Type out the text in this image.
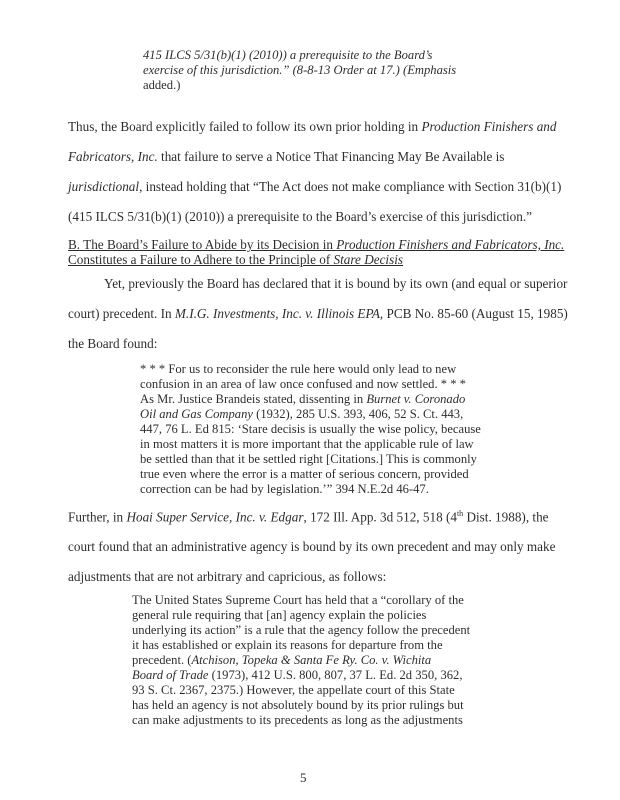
415 ILCS 5/31(b)(1) (2010)) a prerequisite to the Board’s
exercise of this jurisdiction.” (8-8-13 Order at 17.) (Emphasis
added.)
Thus, the Board explicitly failed to follow its own prior holding in Production Finishers and
Fabricators, Inc. that failure to serve a Notice That Financing May Be Available is
jurisdictional, instead holding that “The Act does not make compliance with Section 31(b)(1)
(415 ILCS 5/31(b)(1) (2010)) a prerequisite to the Board’s exercise of this jurisdiction.”
B. The Board’s Failure to Abide by its Decision in Production Finishers and Fabricators, Inc.
Constitutes a Failure to Adhere to the Principle of Stare Decisis
Yet, previously the Board has declared that it is bound by its own (and equal or superior
court) precedent. In M.I.G. Investments, Inc. v. Illinois EPA, PCB No. 85-60 (August 15, 1985)
the Board found:
* * * For us to reconsider the rule here would only lead to new
confusion in an area of law once confused and now settled. * * *
As Mr. Justice Brandeis stated, dissenting in Burnet v. Coronado
Oil and Gas Company (1932), 285 U.S. 393, 406, 52 S. Ct. 443,
447, 76 L. Ed 815: ‘Stare decisis is usually the wise policy, because
in most matters it is more important that the applicable rule of law
be settled than that it be settled right [Citations.] This is commonly
true even where the error is a matter of serious concern, provided
correction can be had by legislation.’” 394 N.E.2d 46-47.
Further, in Hoai Super Service, Inc. v. Edgar, 172 Ill. App. 3d 512, 518 (4th Dist. 1988), the
court found that an administrative agency is bound by its own precedent and may only make
adjustments that are not arbitrary and capricious, as follows:
The United States Supreme Court has held that a “corollary of the
general rule requiring that [an] agency explain the policies
underlying its action” is a rule that the agency follow the precedent
it has established or explain its reasons for departure from the
precedent. (Atchison, Topeka & Santa Fe Ry. Co. v. Wichita
Board of Trade (1973), 412 U.S. 800, 807, 37 L. Ed. 2d 350, 362,
93 S. Ct. 2367, 2375.) However, the appellate court of this State
has held an agency is not absolutely bound by its prior rulings but
can make adjustments to its precedents as long as the adjustments
5
